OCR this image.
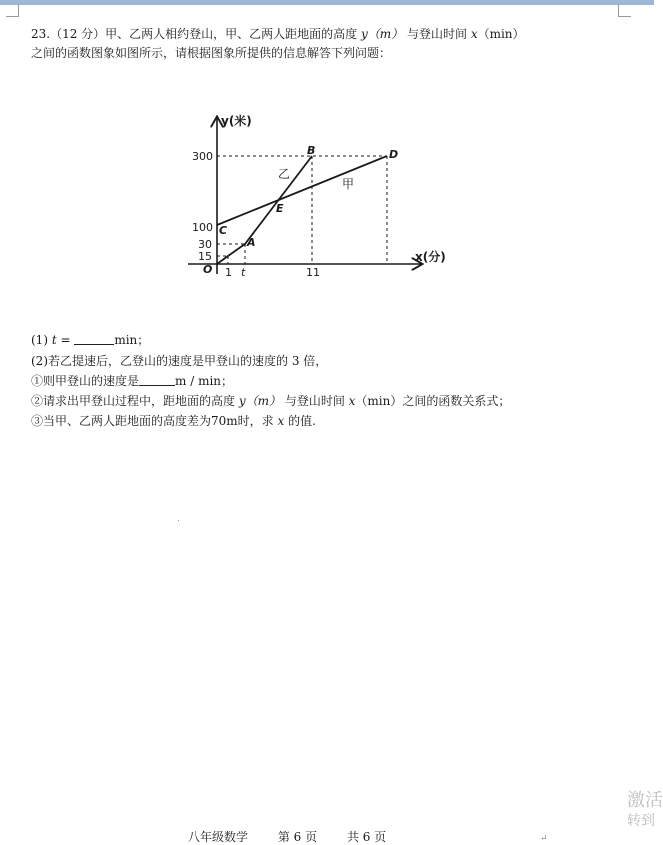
23.（12 分）甲、乙两人相约登山，甲、乙两人距地面的高度 y（m） 与登山时间 x（min）
之间的函数图象如图所示，请根据图象所提供的信息解答下列问题：
300
100
30
15
1 t	11
O
y(米)
x(分)
A
B
C
D
E
乙
甲
(1) t =	min；
(2)若乙提速后，乙登山的速度是甲登山的速度的 3 倍，
①则甲登山的速度是	m / min；
②请求出甲登山过程中，距地面的高度 y（m） 与登山时间 x（min）之间的函数关系式；
③当甲、乙两人距地面的高度差为70m时，求 x 的值.
八年级数学 第 6 页 共 6 页	↵
激活
转到
